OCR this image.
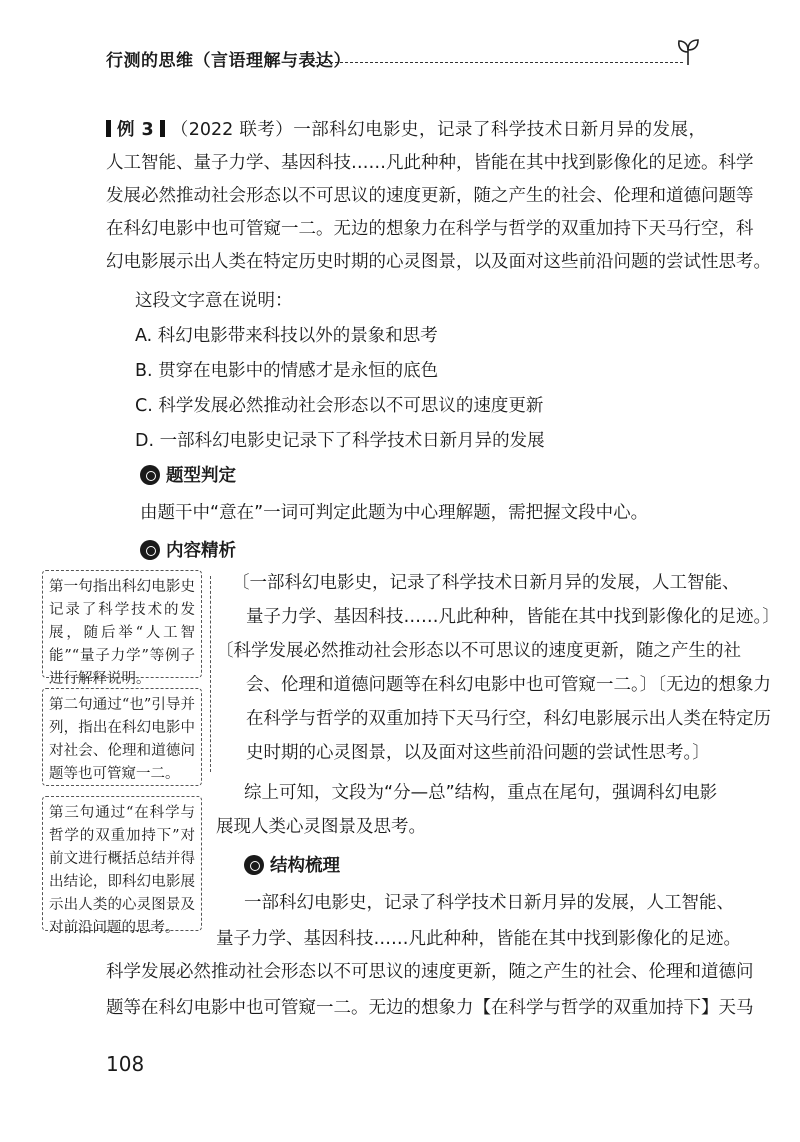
行测的思维（言语理解与表达）
例 3 （2022 联考）一部科幻电影史，记录了科学技术日新月异的发展，
人工智能、量子力学、基因科技……凡此种种，皆能在其中找到影像化的足迹。科学
发展必然推动社会形态以不可思议的速度更新，随之产生的社会、伦理和道德问题等
在科幻电影中也可管窥一二。无边的想象力在科学与哲学的双重加持下天马行空，科
幻电影展示出人类在特定历史时期的心灵图景，以及面对这些前沿问题的尝试性思考。
这段文字意在说明：
A. 科幻电影带来科技以外的景象和思考
B. 贯穿在电影中的情感才是永恒的底色
C. 科学发展必然推动社会形态以不可思议的速度更新
D. 一部科幻电影史记录下了科学技术日新月异的发展
题型判定
由题干中“意在”一词可判定此题为中心理解题，需把握文段中心。
内容精析
第一句指出科幻电影史记录了科学技术的发展，随后举“人工智能”“量子力学”等例子进行解释说明。
第二句通过“也”引导并列，指出在科幻电影中对社会、伦理和道德问题等也可管窥一二。
第三句通过“在科学与哲学的双重加持下”对前文进行概括总结并得出结论，即科幻电影展示出人类的心灵图景及对前沿问题的思考。
〔一部科幻电影史，记录了科学技术日新月异的发展，人工智能、
量子力学、基因科技……凡此种种，皆能在其中找到影像化的足迹。〕
〔科学发展必然推动社会形态以不可思议的速度更新，随之产生的社
会、伦理和道德问题等在科幻电影中也可管窥一二。〕〔无边的想象力
在科学与哲学的双重加持下天马行空，科幻电影展示出人类在特定历
史时期的心灵图景，以及面对这些前沿问题的尝试性思考。〕
综上可知，文段为“分—总”结构，重点在尾句，强调科幻电影
展现人类心灵图景及思考。
结构梳理
一部科幻电影史，记录了科学技术日新月异的发展，人工智能、
量子力学、基因科技……凡此种种，皆能在其中找到影像化的足迹。
科学发展必然推动社会形态以不可思议的速度更新，随之产生的社会、伦理和道德问
题等在科幻电影中也可管窥一二。无边的想象力【在科学与哲学的双重加持下】天马
108
